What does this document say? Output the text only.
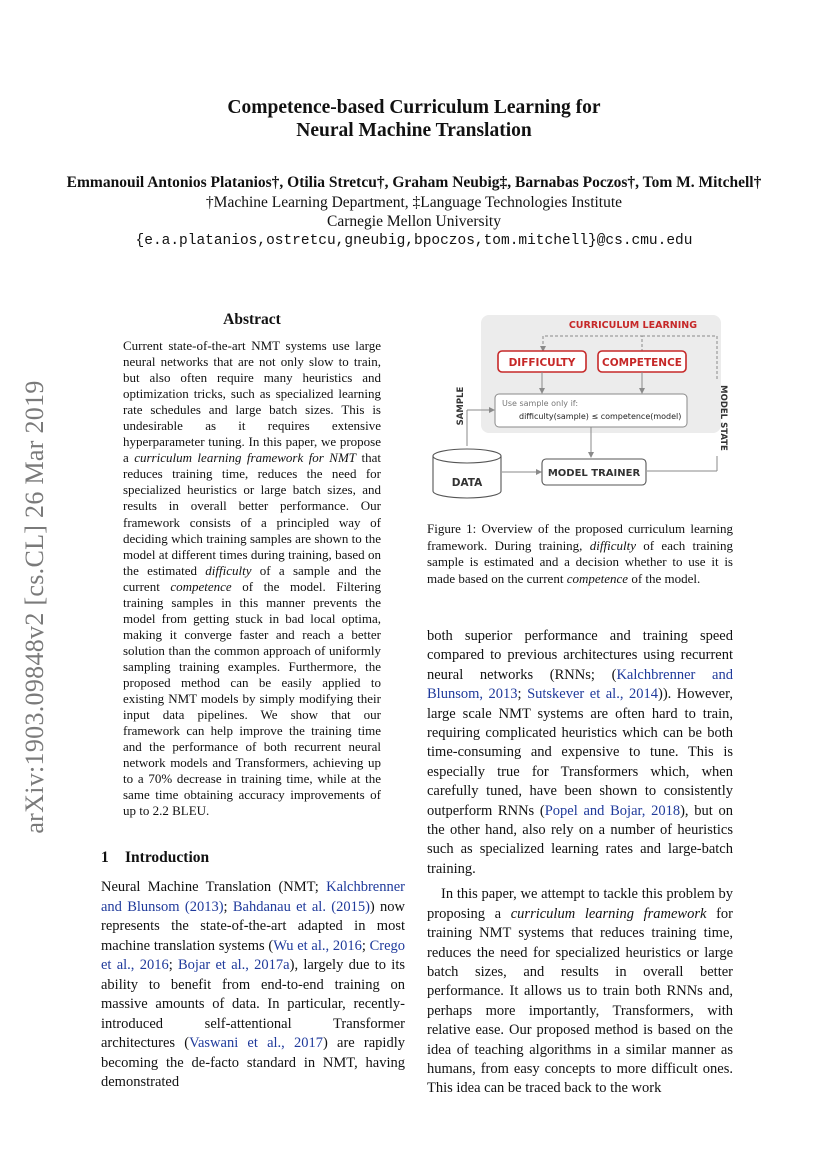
Competence-based Curriculum Learning for
Neural Machine Translation
Emmanouil Antonios Platanios†, Otilia Stretcu†, Graham Neubig‡, Barnabas Poczos†, Tom M. Mitchell†
†Machine Learning Department, ‡Language Technologies Institute
Carnegie Mellon University
{e.a.platanios,ostretcu,gneubig,bpoczos,tom.mitchell}@cs.cmu.edu
arXiv:1903.09848v2 [cs.CL] 26 Mar 2019
Abstract
Current state-of-the-art NMT systems use large neural networks that are not only slow to train, but also often require many heuristics and optimization tricks, such as specialized learning rate schedules and large batch sizes. This is undesirable as it requires extensive hyperparameter tuning. In this paper, we propose a curriculum learning framework for NMT that reduces training time, reduces the need for specialized heuristics or large batch sizes, and results in overall better performance. Our framework consists of a principled way of deciding which training samples are shown to the model at different times during training, based on the estimated difficulty of a sample and the current competence of the model. Filtering training samples in this manner prevents the model from getting stuck in bad local optima, making it converge faster and reach a better solution than the common approach of uniformly sampling training examples. Furthermore, the proposed method can be easily applied to existing NMT models by simply modifying their input data pipelines. We show that our framework can help improve the training time and the performance of both recurrent neural network models and Transformers, achieving up to a 70% decrease in training time, while at the same time obtaining accuracy improvements of up to 2.2 BLEU.
CURRICULUM LEARNING
DIFFICULTY	COMPETENCE
Use sample only if:
difficulty(sample) ≤ competence(model)
SAMPLE	MODEL STATE
DATA
MODEL TRAINER
Figure 1: Overview of the proposed curriculum learning framework. During training, difficulty of each training sample is estimated and a decision whether to use it is made based on the current competence of the model.
1 Introduction
Neural Machine Translation (NMT; Kalchbrenner and Blunsom (2013); Bahdanau et al. (2015)) now represents the state-of-the-art adapted in most machine translation systems (Wu et al., 2016; Crego et al., 2016; Bojar et al., 2017a), largely due to its ability to benefit from end-to-end training on massive amounts of data. In particular, recently-introduced self-attentional Transformer architectures (Vaswani et al., 2017) are rapidly becoming the de-facto standard in NMT, having demonstrated

both superior performance and training speed compared to previous architectures using recurrent neural networks (RNNs; (Kalchbrenner and Blunsom, 2013; Sutskever et al., 2014)). However, large scale NMT systems are often hard to train, requiring complicated heuristics which can be both time-consuming and expensive to tune. This is especially true for Transformers which, when carefully tuned, have been shown to consistently outperform RNNs (Popel and Bojar, 2018), but on the other hand, also rely on a number of heuristics such as specialized learning rates and large-batch training.

In this paper, we attempt to tackle this problem by proposing a curriculum learning framework for training NMT systems that reduces training time, reduces the need for specialized heuristics or large batch sizes, and results in overall better performance. It allows us to train both RNNs and, perhaps more importantly, Transformers, with relative ease. Our proposed method is based on the idea of teaching algorithms in a similar manner as humans, from easy concepts to more difficult ones. This idea can be traced back to the work
